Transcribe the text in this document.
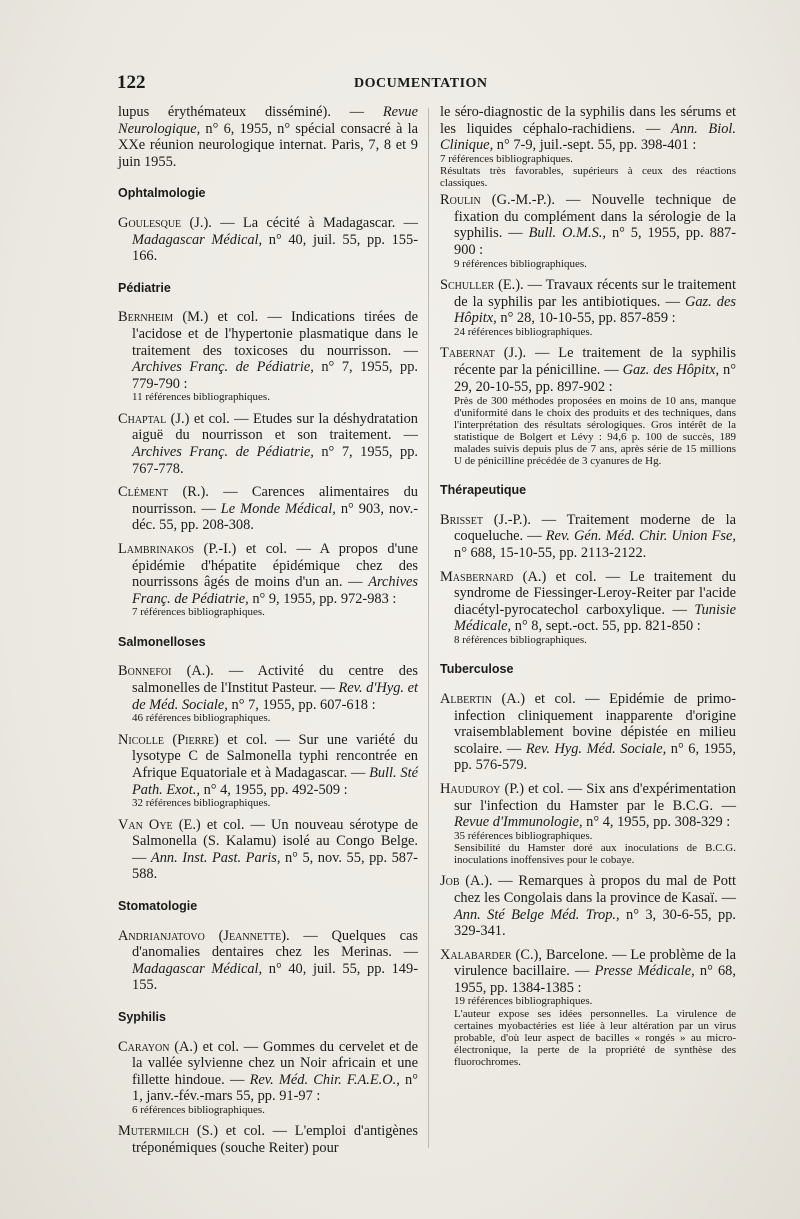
122	DOCUMENTATION

lupus érythémateux disséminé). — Revue Neurologique, n° 6, 1955, n° spécial consacré à la XXe réunion neurologique internat. Paris, 7, 8 et 9 juin 1955.

Ophtalmologie

Goulesque (J.). — La cécité à Madagascar. — Madagascar Médical, n° 40, juil. 55, pp. 155-166.

Pédiatrie

Bernheim (M.) et col. — Indications tirées de l'acidose et de l'hypertonie plasmatique dans le traitement des toxicoses du nourrisson. — Archives Franç. de Pédiatrie, n° 7, 1955, pp. 779-790 :
11 références bibliographiques.

Chaptal (J.) et col. — Etudes sur la déshydratation aiguë du nourrisson et son traitement. — Archives Franç. de Pédiatrie, n° 7, 1955, pp. 767-778.

Clément (R.). — Carences alimentaires du nourrisson. — Le Monde Médical, n° 903, nov.-déc. 55, pp. 208-308.

Lambrinakos (P.-I.) et col. — A propos d'une épidémie d'hépatite épidémique chez des nourrissons âgés de moins d'un an. — Archives Franç. de Pédiatrie, n° 9, 1955, pp. 972-983 :
7 références bibliographiques.

Salmonelloses

Bonnefoi (A.). — Activité du centre des salmonelles de l'Institut Pasteur. — Rev. d'Hyg. et de Méd. Sociale, n° 7, 1955, pp. 607-618 :
46 références bibliographiques.

Nicolle (Pierre) et col. — Sur une variété du lysotype C de Salmonella typhi rencontrée en Afrique Equatoriale et à Madagascar. — Bull. Sté Path. Exot., n° 4, 1955, pp. 492-509 :
32 références bibliographiques.

Van Oye (E.) et col. — Un nouveau sérotype de Salmonella (S. Kalamu) isolé au Congo Belge. — Ann. Inst. Past. Paris, n° 5, nov. 55, pp. 587-588.

Stomatologie

Andrianjatovo (Jeannette). — Quelques cas d'anomalies dentaires chez les Merinas. — Madagascar Médical, n° 40, juil. 55, pp. 149-155.

Syphilis

Carayon (A.) et col. — Gommes du cervelet et de la vallée sylvienne chez un Noir africain et une fillette hindoue. — Rev. Méd. Chir. F.A.E.O., n° 1, janv.-fév.-mars 55, pp. 91-97 :
6 références bibliographiques.

Mutermilch (S.) et col. — L'emploi d'antigènes tréponémiques (souche Reiter) pour

le séro-diagnostic de la syphilis dans les sérums et les liquides céphalo-rachidiens. — Ann. Biol. Clinique, n° 7-9, juil.-sept. 55, pp. 398-401 :
7 références bibliographiques.
Résultats très favorables, supérieurs à ceux des réactions classiques.

Roulin (G.-M.-P.). — Nouvelle technique de fixation du complément dans la sérologie de la syphilis. — Bull. O.M.S., n° 5, 1955, pp. 887-900 :
9 références bibliographiques.

Schuller (E.). — Travaux récents sur le traitement de la syphilis par les antibiotiques. — Gaz. des Hôpitx, n° 28, 10-10-55, pp. 857-859 :
24 références bibliographiques.

Tabernat (J.). — Le traitement de la syphilis récente par la pénicilline. — Gaz. des Hôpitx, n° 29, 20-10-55, pp. 897-902 :
Près de 300 méthodes proposées en moins de 10 ans, manque d'uniformité dans le choix des produits et des techniques, dans l'interprétation des résultats sérologiques. Gros intérêt de la statistique de Bolgert et Lévy : 94,6 p. 100 de succès, 189 malades suivis depuis plus de 7 ans, après série de 15 millions U de pénicilline précédée de 3 cyanures de Hg.

Thérapeutique

Brisset (J.-P.). — Traitement moderne de la coqueluche. — Rev. Gén. Méd. Chir. Union Fse, n° 688, 15-10-55, pp. 2113-2122.

Masbernard (A.) et col. — Le traitement du syndrome de Fiessinger-Leroy-Reiter par l'acide diacétyl-pyrocatechol carboxylique. — Tunisie Médicale, n° 8, sept.-oct. 55, pp. 821-850 :
8 références bibliographiques.

Tuberculose

Albertin (A.) et col. — Epidémie de primo-infection cliniquement inapparente d'origine vraisemblablement bovine dépistée en milieu scolaire. — Rev. Hyg. Méd. Sociale, n° 6, 1955, pp. 576-579.

Hauduroy (P.) et col. — Six ans d'expérimentation sur l'infection du Hamster par le B.C.G. — Revue d'Immunologie, n° 4, 1955, pp. 308-329 :
35 références bibliographiques.
Sensibilité du Hamster doré aux inoculations de B.C.G. inoculations inoffensives pour le cobaye.

Job (A.). — Remarques à propos du mal de Pott chez les Congolais dans la province de Kasaï. — Ann. Sté Belge Méd. Trop., n° 3, 30-6-55, pp. 329-341.

Xalabarder (C.), Barcelone. — Le problème de la virulence bacillaire. — Presse Médicale, n° 68, 1955, pp. 1384-1385 :
19 références bibliographiques.
L'auteur expose ses idées personnelles. La virulence de certaines myobactéries est liée à leur altération par un virus probable, d'où leur aspect de bacilles « rongés » au micro-électronique, la perte de la propriété de synthèse des fluorochromes.
